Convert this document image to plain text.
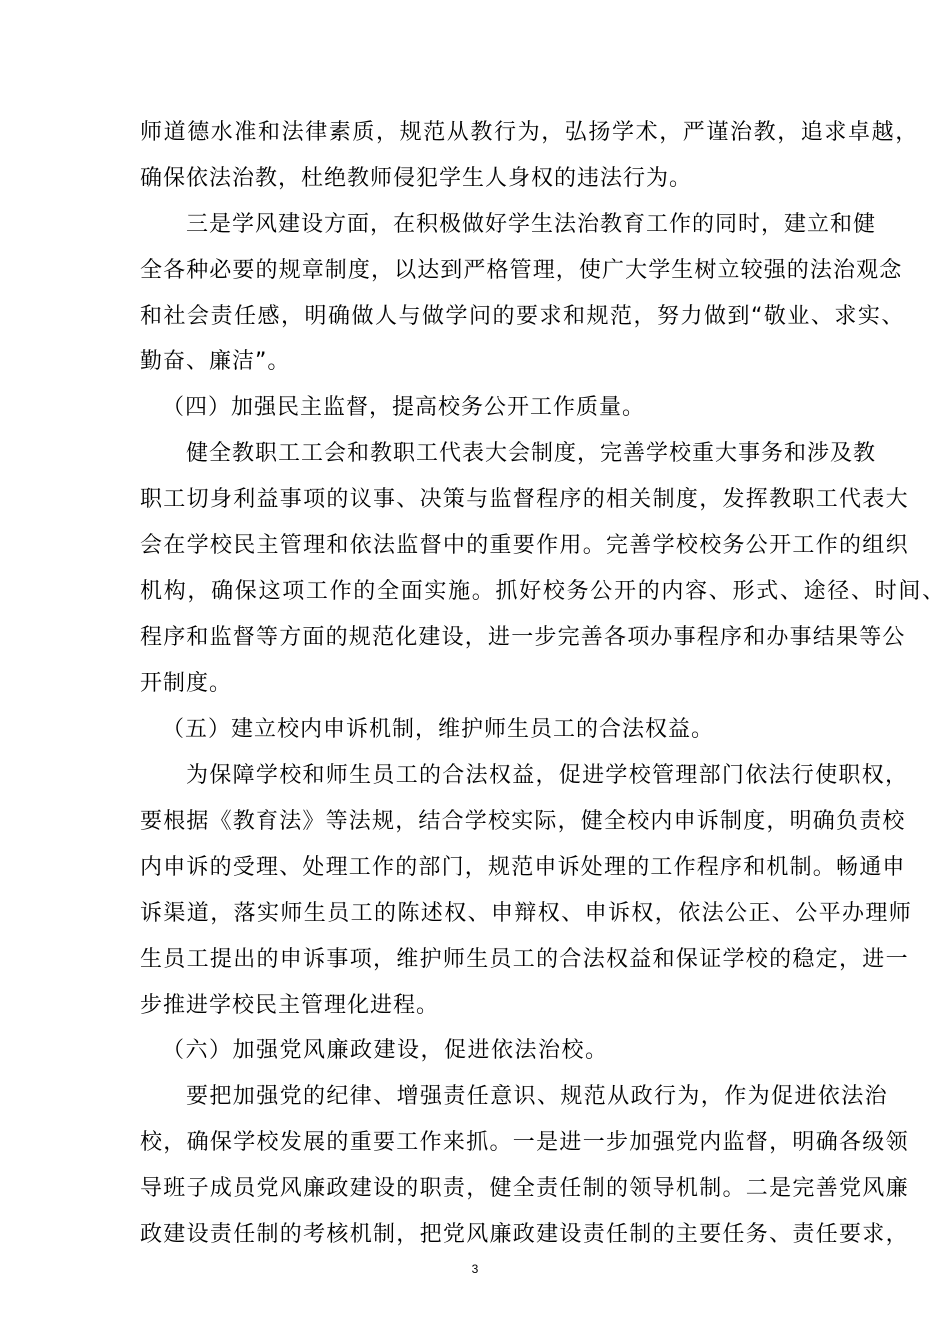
师道德水准和法律素质，规范从教行为，弘扬学术，严谨治教，追求卓越，
确保依法治教，杜绝教师侵犯学生人身权的违法行为。
三是学风建设方面，在积极做好学生法治教育工作的同时，建立和健
全各种必要的规章制度，以达到严格管理，使广大学生树立较强的法治观念
和社会责任感，明确做人与做学问的要求和规范，努力做到“敬业、求实、
勤奋、廉洁”。
（四）加强民主监督，提高校务公开工作质量。
健全教职工工会和教职工代表大会制度，完善学校重大事务和涉及教
职工切身利益事项的议事、决策与监督程序的相关制度，发挥教职工代表大
会在学校民主管理和依法监督中的重要作用。完善学校校务公开工作的组织
机构，确保这项工作的全面实施。抓好校务公开的内容、形式、途径、时间、
程序和监督等方面的规范化建设，进一步完善各项办事程序和办事结果等公
开制度。
（五）建立校内申诉机制，维护师生员工的合法权益。
为保障学校和师生员工的合法权益，促进学校管理部门依法行使职权，
要根据《教育法》等法规，结合学校实际，健全校内申诉制度，明确负责校
内申诉的受理、处理工作的部门，规范申诉处理的工作程序和机制。畅通申
诉渠道，落实师生员工的陈述权、申辩权、申诉权，依法公正、公平办理师
生员工提出的申诉事项，维护师生员工的合法权益和保证学校的稳定，进一
步推进学校民主管理化进程。
（六）加强党风廉政建设，促进依法治校。
要把加强党的纪律、增强责任意识、规范从政行为，作为促进依法治
校，确保学校发展的重要工作来抓。一是进一步加强党内监督，明确各级领
导班子成员党风廉政建设的职责，健全责任制的领导机制。二是完善党风廉
政建设责任制的考核机制，把党风廉政建设责任制的主要任务、责任要求，
3
